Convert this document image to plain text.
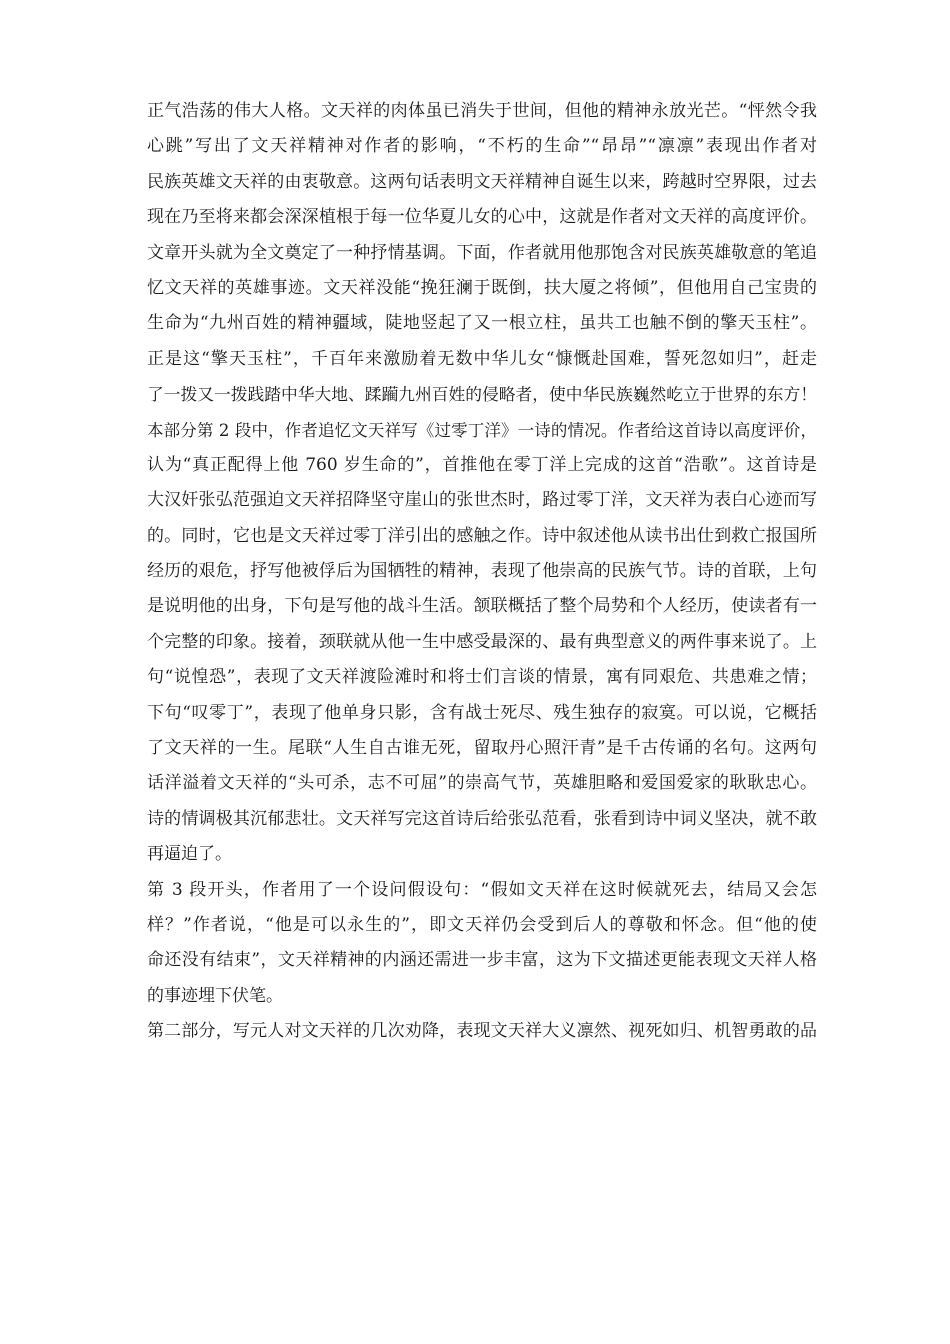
正气浩荡的伟大人格。文天祥的肉体虽已消失于世间，但他的精神永放光芒。“怦然令我
心跳”写出了文天祥精神对作者的影响，“不朽的生命”“昂昂”“凛凛”表现出作者对
民族英雄文天祥的由衷敬意。这两句话表明文天祥精神自诞生以来，跨越时空界限，过去
现在乃至将来都会深深植根于每一位华夏儿女的心中，这就是作者对文天祥的高度评价。
文章开头就为全文奠定了一种抒情基调。下面，作者就用他那饱含对民族英雄敬意的笔追
忆文天祥的英雄事迹。文天祥没能“挽狂澜于既倒，扶大厦之将倾”，但他用自己宝贵的
生命为“九州百姓的精神疆域，陡地竖起了又一根立柱，虽共工也触不倒的擎天玉柱”。
正是这“擎天玉柱”，千百年来激励着无数中华儿女“慷慨赴国难，誓死忽如归”，赶走
了一拨又一拨践踏中华大地、蹂躏九州百姓的侵略者，使中华民族巍然屹立于世界的东方！
本部分第 2 段中，作者追忆文天祥写《过零丁洋》一诗的情况。作者给这首诗以高度评价，
认为“真正配得上他 760 岁生命的”，首推他在零丁洋上完成的这首“浩歌”。这首诗是
大汉奸张弘范强迫文天祥招降坚守崖山的张世杰时，路过零丁洋，文天祥为表白心迹而写
的。同时，它也是文天祥过零丁洋引出的感触之作。诗中叙述他从读书出仕到救亡报国所
经历的艰危，抒写他被俘后为国牺牲的精神，表现了他崇高的民族气节。诗的首联，上句
是说明他的出身，下句是写他的战斗生活。颔联概括了整个局势和个人经历，使读者有一
个完整的印象。接着，颈联就从他一生中感受最深的、最有典型意义的两件事来说了。上
句“说惶恐”，表现了文天祥渡险滩时和将士们言谈的情景，寓有同艰危、共患难之情；
下句“叹零丁”，表现了他单身只影，含有战士死尽、残生独存的寂寞。可以说，它概括
了文天祥的一生。尾联“人生自古谁无死，留取丹心照汗青”是千古传诵的名句。这两句
话洋溢着文天祥的“头可杀，志不可屈”的崇高气节，英雄胆略和爱国爱家的耿耿忠心。
诗的情调极其沉郁悲壮。文天祥写完这首诗后给张弘范看，张看到诗中词义坚决，就不敢
再逼迫了。
第 3 段开头，作者用了一个设问假设句：“假如文天祥在这时候就死去，结局又会怎
样？”作者说，“他是可以永生的”，即文天祥仍会受到后人的尊敬和怀念。但“他的使
命还没有结束”，文天祥精神的内涵还需进一步丰富，这为下文描述更能表现文天祥人格
的事迹埋下伏笔。
第二部分，写元人对文天祥的几次劝降，表现文天祥大义凛然、视死如归、机智勇敢的品
